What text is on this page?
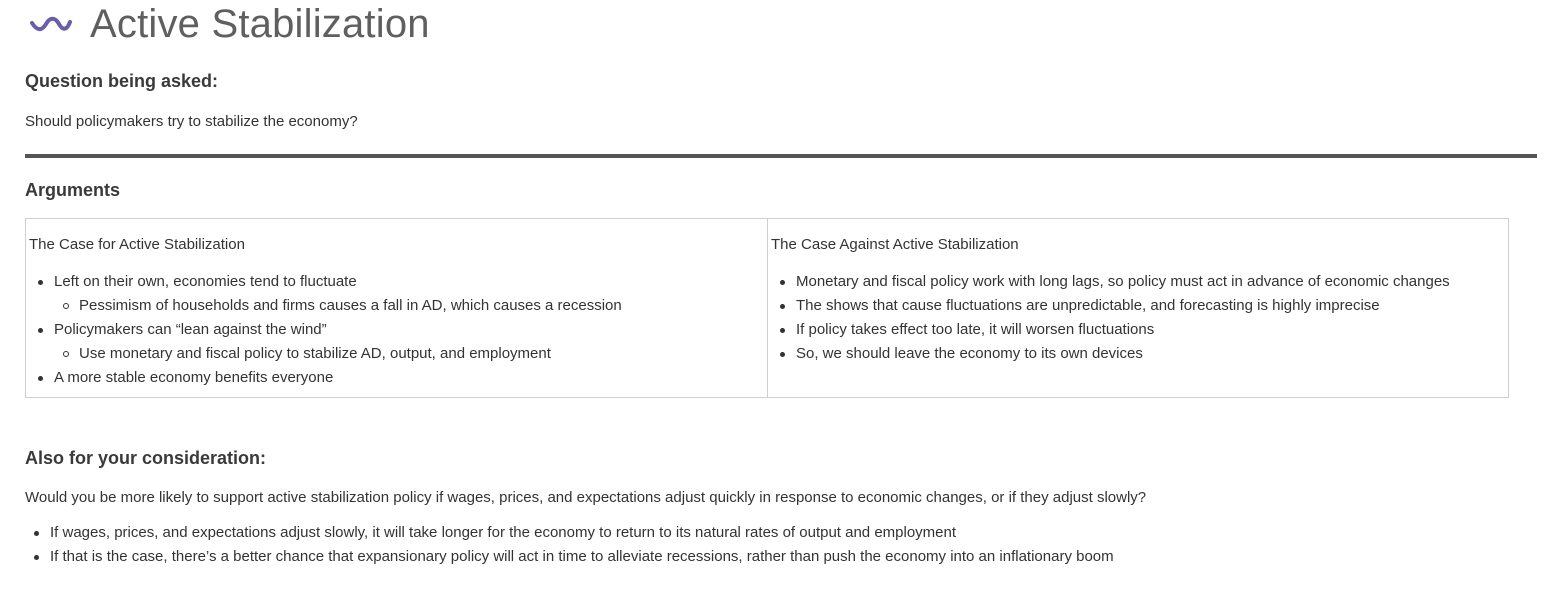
Active Stabilization
Question being asked:

Should policymakers try to stabilize the economy?

Arguments
The Case for Active Stabilization
Left on their own, economies tend to fluctuate
Pessimism of households and firms causes a fall in AD, which causes a recession
Policymakers can “lean against the wind”
Use monetary and fiscal policy to stabilize AD, output, and employment
A more stable economy benefits everyone
The Case Against Active Stabilization
Monetary and fiscal policy work with long lags, so policy must act in advance of economic changes
The shows that cause fluctuations are unpredictable, and forecasting is highly imprecise
If policy takes effect too late, it will worsen fluctuations
So, we should leave the economy to its own devices
Also for your consideration:

Would you be more likely to support active stabilization policy if wages, prices, and expectations adjust quickly in response to economic changes, or if they adjust slowly?

If wages, prices, and expectations adjust slowly, it will take longer for the economy to return to its natural rates of output and employment
If that is the case, there’s a better chance that expansionary policy will act in time to alleviate recessions, rather than push the economy into an inflationary boom
